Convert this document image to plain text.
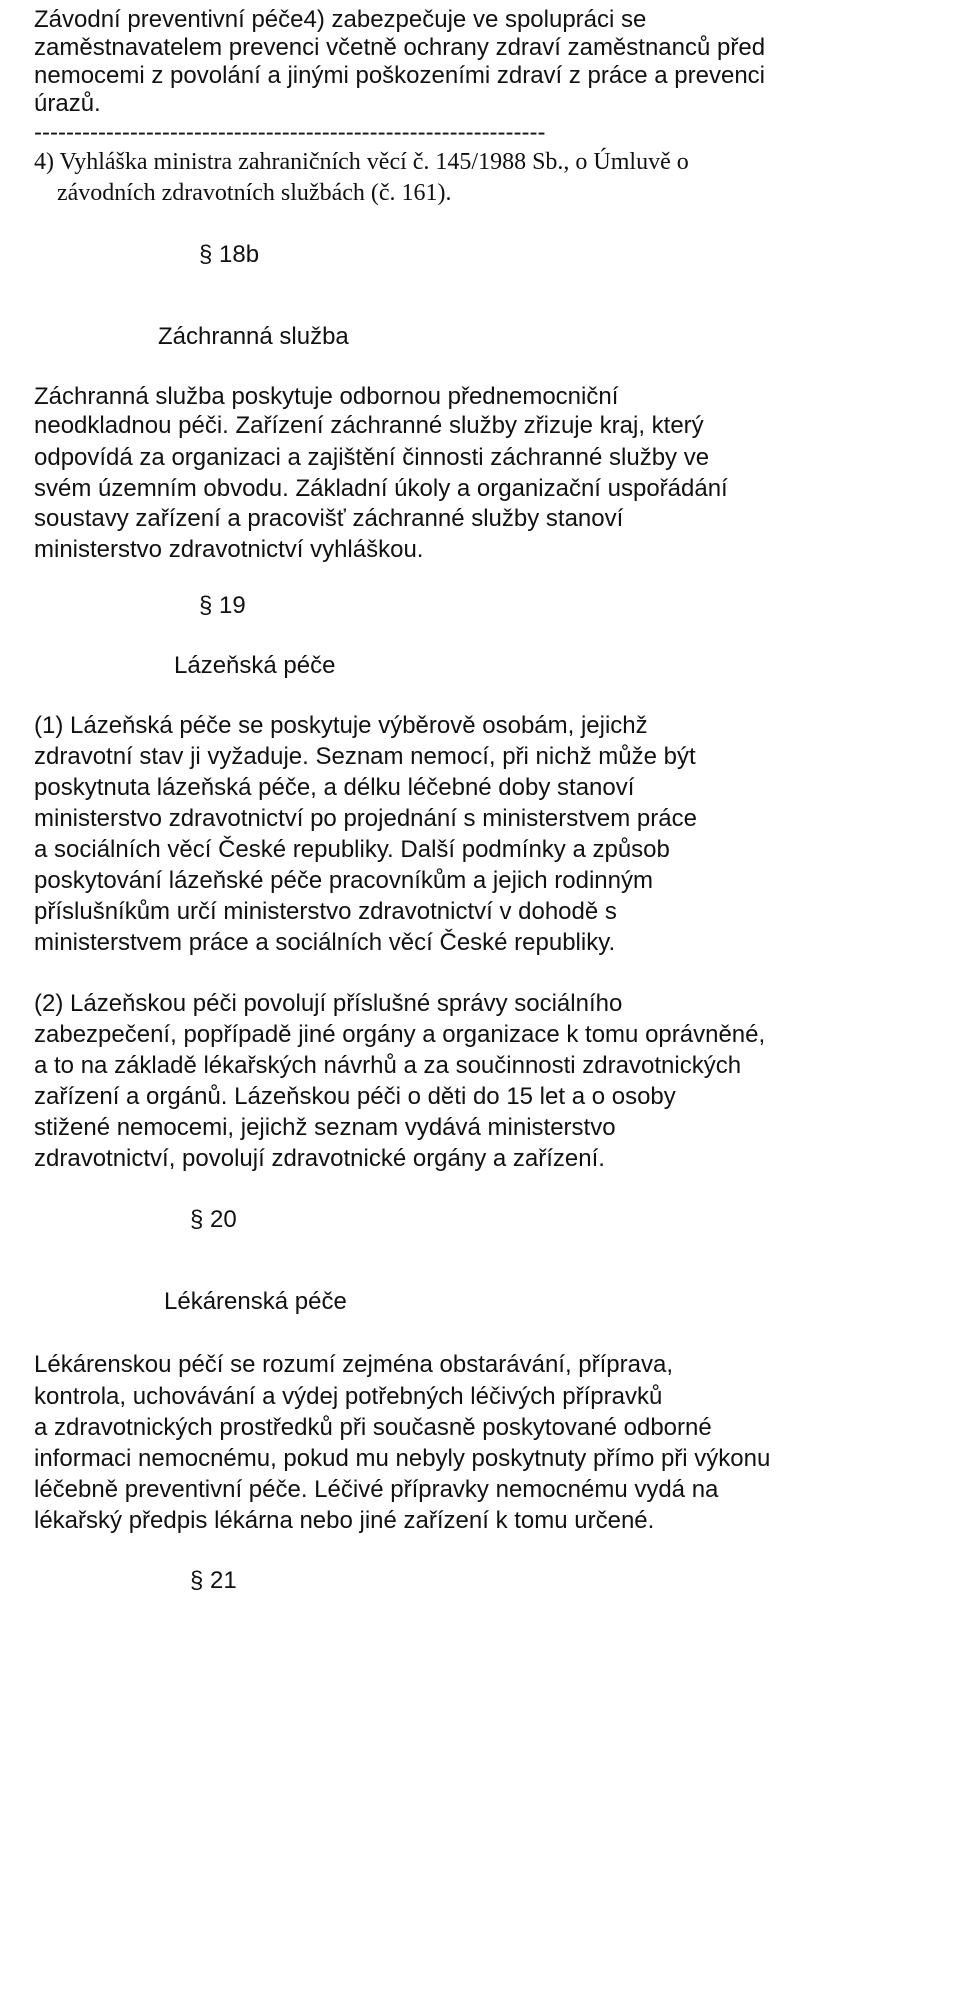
Závodní preventivní péče4) zabezpečuje ve spolupráci se
zaměstnavatelem prevenci včetně ochrany zdraví zaměstnanců před
nemocemi z povolání a jinými poškozeními zdraví z práce a prevenci
úrazů.
----------------------------------------------------------------
4) Vyhláška ministra zahraničních věcí č. 145/1988 Sb., o Úmluvě o
závodních zdravotních službách (č. 161).
§ 18b
Záchranná služba
Záchranná služba poskytuje odbornou přednemocniční
neodkladnou péči. Zařízení záchranné služby zřizuje kraj, který
odpovídá za organizaci a zajištění činnosti záchranné služby ve
svém územním obvodu. Základní úkoly a organizační uspořádání
soustavy zařízení a pracovišť záchranné služby stanoví
ministerstvo zdravotnictví vyhláškou.
§ 19
Lázeňská péče
(1) Lázeňská péče se poskytuje výběrově osobám, jejichž
zdravotní stav ji vyžaduje. Seznam nemocí, při nichž může být
poskytnuta lázeňská péče, a délku léčebné doby stanoví
ministerstvo zdravotnictví po projednání s ministerstvem práce
a sociálních věcí České republiky. Další podmínky a způsob
poskytování lázeňské péče pracovníkům a jejich rodinným
příslušníkům určí ministerstvo zdravotnictví v dohodě s
ministerstvem práce a sociálních věcí České republiky.
(2) Lázeňskou péči povolují příslušné správy sociálního
zabezpečení, popřípadě jiné orgány a organizace k tomu oprávněné,
a to na základě lékařských návrhů a za součinnosti zdravotnických
zařízení a orgánů. Lázeňskou péči o děti do 15 let a o osoby
stižené nemocemi, jejichž seznam vydává ministerstvo
zdravotnictví, povolují zdravotnické orgány a zařízení.
§ 20
Lékárenská péče
Lékárenskou péčí se rozumí zejména obstarávání, příprava,
kontrola, uchovávání a výdej potřebných léčivých přípravků
a zdravotnických prostředků při současně poskytované odborné
informaci nemocnému, pokud mu nebyly poskytnuty přímo při výkonu
léčebně preventivní péče. Léčivé přípravky nemocnému vydá na
lékařský předpis lékárna nebo jiné zařízení k tomu určené.
§ 21
